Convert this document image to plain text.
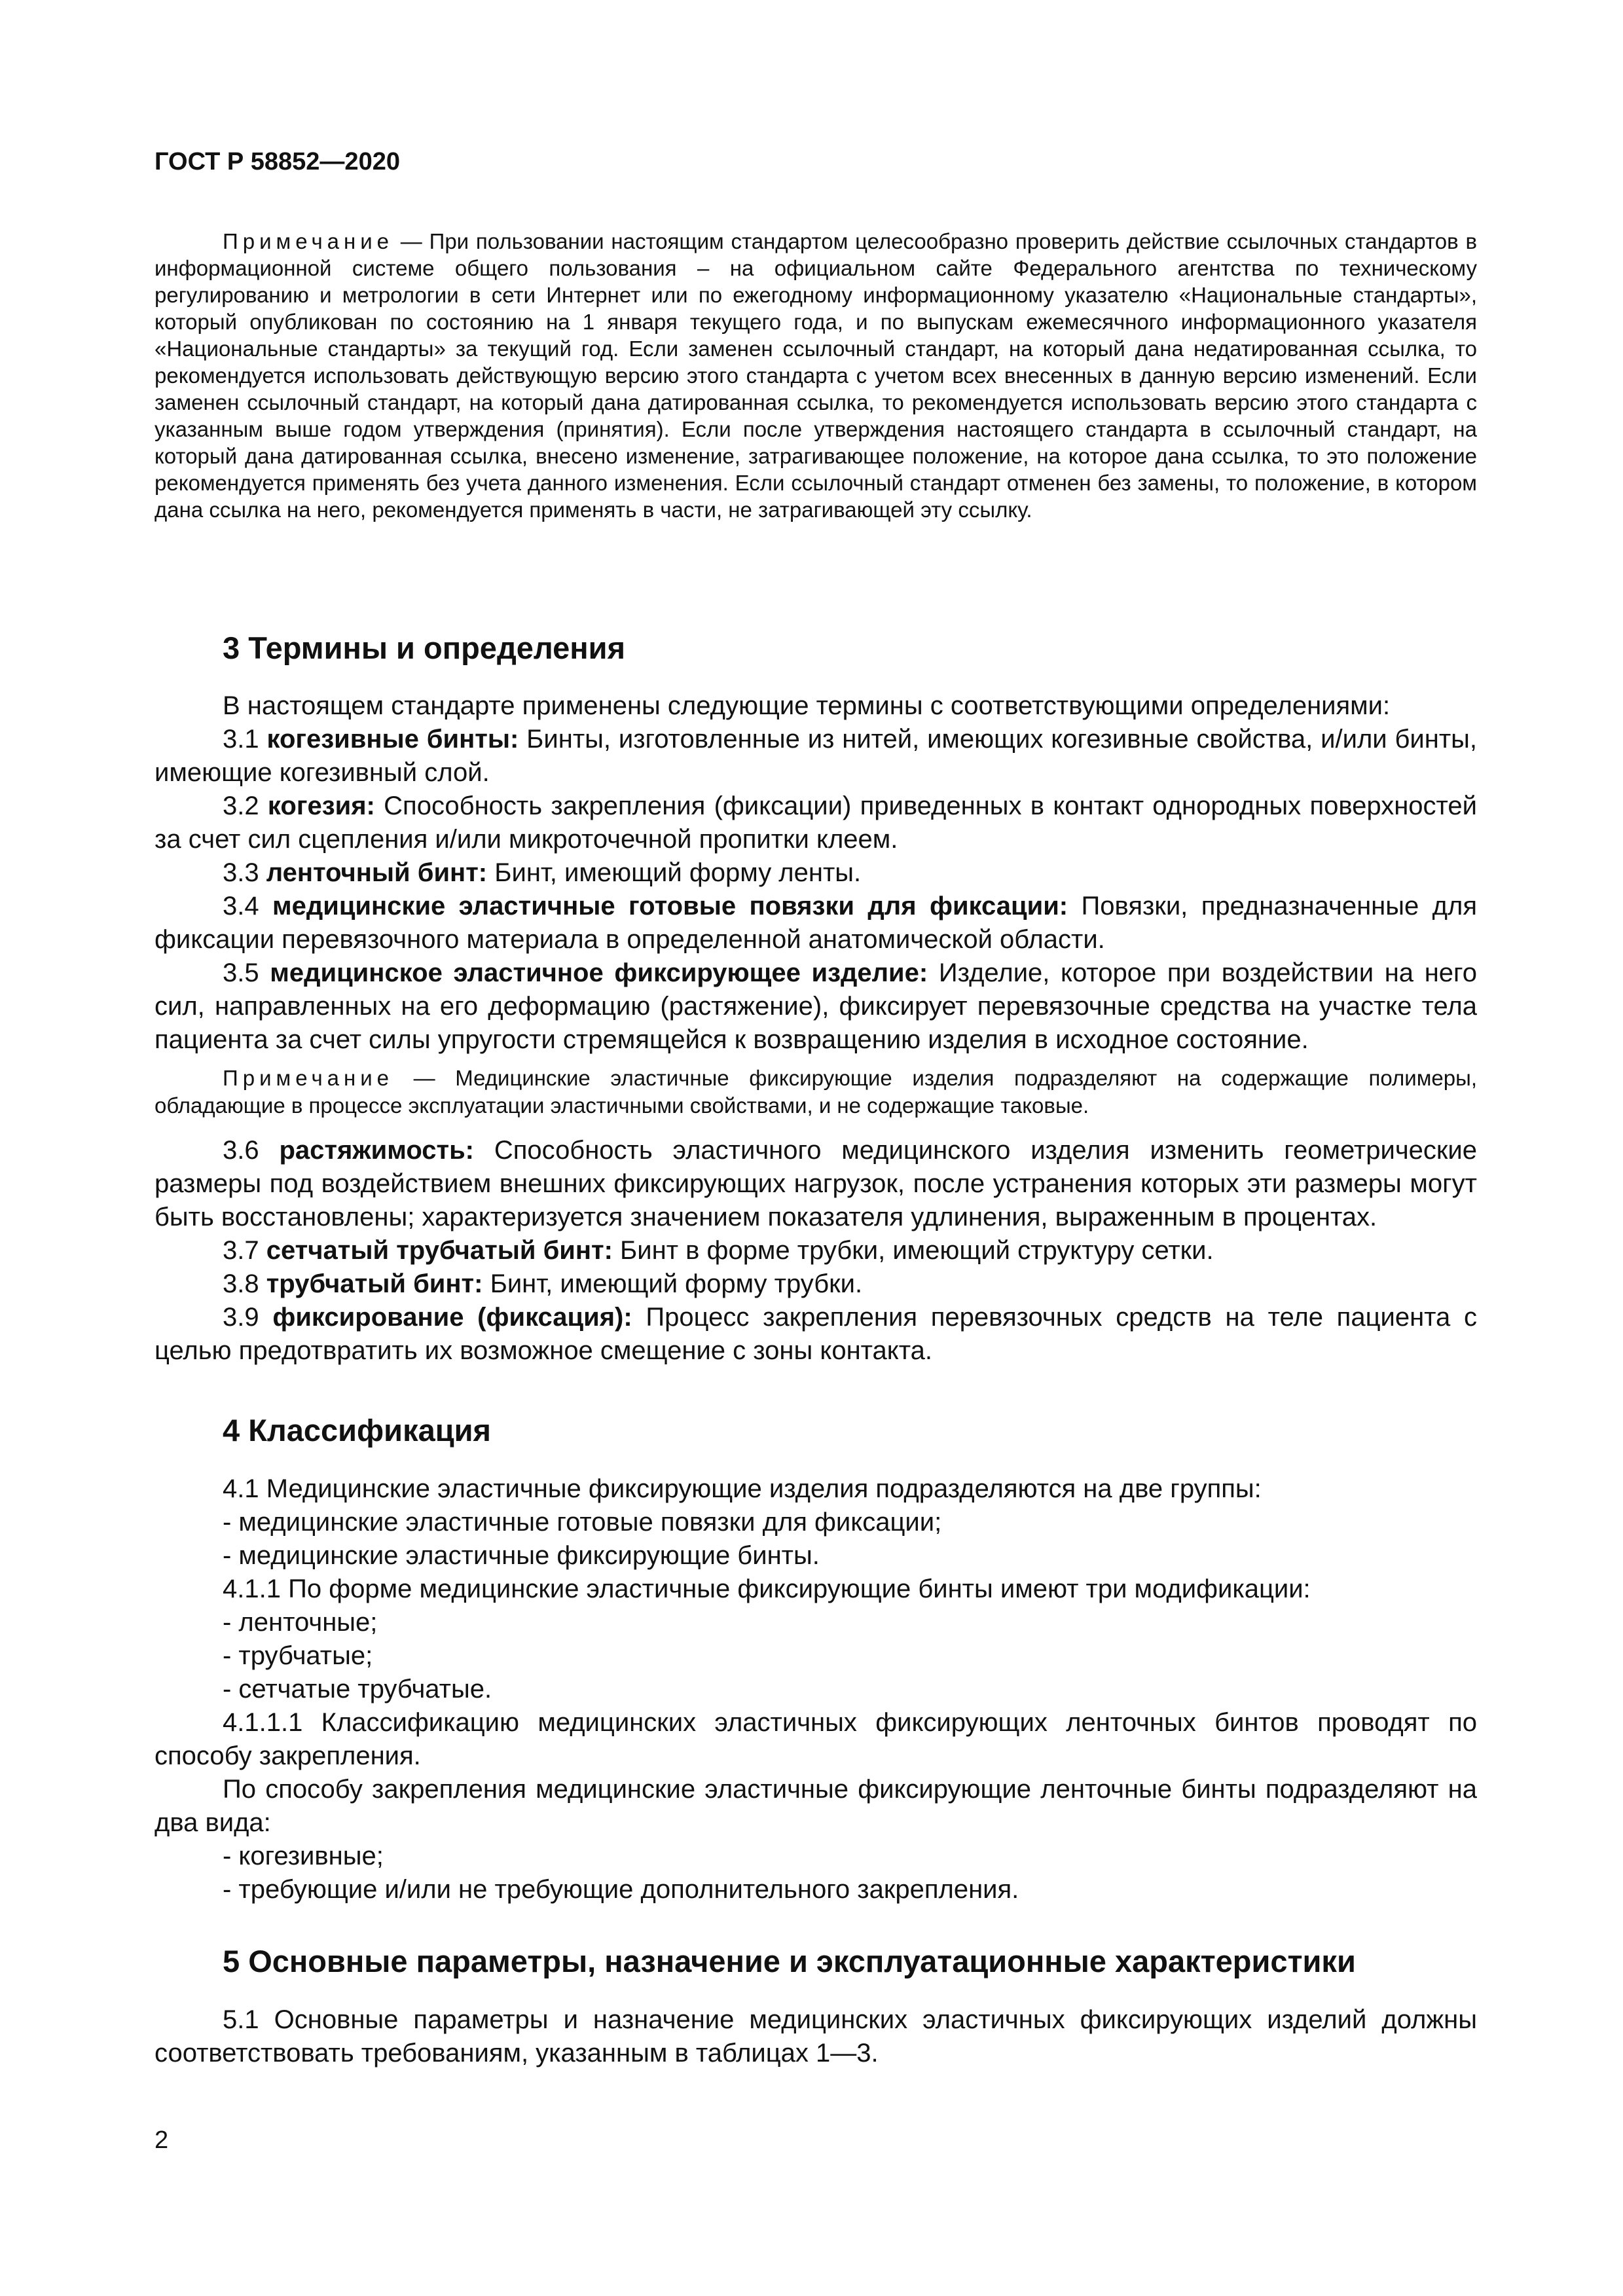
ГОСТ Р 58852—2020

Примечание — При пользовании настоящим стандартом целесообразно проверить действие ссылочных стандартов в информационной системе общего пользования – на официальном сайте Федерального агентства по техническому регулированию и метрологии в сети Интернет или по ежегодному информационному указателю «Национальные стандарты», который опубликован по состоянию на 1 января текущего года, и по выпускам ежемесячного информационного указателя «Национальные стандарты» за текущий год. Если заменен ссылочный стандарт, на который дана недатированная ссылка, то рекомендуется использовать действующую версию этого стандарта с учетом всех внесенных в данную версию изменений. Если заменен ссылочный стандарт, на который дана датированная ссылка, то рекомендуется использовать версию этого стандарта с указанным выше годом утверждения (принятия). Если после утверждения настоящего стандарта в ссылочный стандарт, на который дана датированная ссылка, внесено изменение, затрагивающее положение, на которое дана ссылка, то это положение рекомендуется применять без учета данного изменения. Если ссылочный стандарт отменен без замены, то положение, в котором дана ссылка на него, рекомендуется применять в части, не затрагивающей эту ссылку.

3 Термины и определения

В настоящем стандарте применены следующие термины с соответствующими определениями:

3.1 когезивные бинты: Бинты, изготовленные из нитей, имеющих когезивные свойства, и/или бинты, имеющие когезивный слой.

3.2 когезия: Способность закрепления (фиксации) приведенных в контакт однородных поверхностей за счет сил сцепления и/или микроточечной пропитки клеем.

3.3 ленточный бинт: Бинт, имеющий форму ленты.

3.4 медицинские эластичные готовые повязки для фиксации: Повязки, предназначенные для фиксации перевязочного материала в определенной анатомической области.

3.5 медицинское эластичное фиксирующее изделие: Изделие, которое при воздействии на него сил, направленных на его деформацию (растяжение), фиксирует перевязочные средства на участке тела пациента за счет силы упругости стремящейся к возвращению изделия в исходное состояние.

Примечание — Медицинские эластичные фиксирующие изделия подразделяют на содержащие полимеры, обладающие в процессе эксплуатации эластичными свойствами, и не содержащие таковые.

3.6 растяжимость: Способность эластичного медицинского изделия изменить геометрические размеры под воздействием внешних фиксирующих нагрузок, после устранения которых эти размеры могут быть восстановлены; характеризуется значением показателя удлинения, выраженным в процентах.

3.7 сетчатый трубчатый бинт: Бинт в форме трубки, имеющий структуру сетки.

3.8 трубчатый бинт: Бинт, имеющий форму трубки.

3.9 фиксирование (фиксация): Процесс закрепления перевязочных средств на теле пациента с целью предотвратить их возможное смещение с зоны контакта.

4 Классификация

4.1 Медицинские эластичные фиксирующие изделия подразделяются на две группы:

- медицинские эластичные готовые повязки для фиксации;

- медицинские эластичные фиксирующие бинты.

4.1.1 По форме медицинские эластичные фиксирующие бинты имеют три модификации:

- ленточные;

- трубчатые;

- сетчатые трубчатые.

4.1.1.1 Классификацию медицинских эластичных фиксирующих ленточных бинтов проводят по способу закрепления.

По способу закрепления медицинские эластичные фиксирующие ленточные бинты подразделяют на два вида:

- когезивные;

- требующие и/или не требующие дополнительного закрепления.

5 Основные параметры, назначение и эксплуатационные характеристики

5.1 Основные параметры и назначение медицинских эластичных фиксирующих изделий должны соответствовать требованиям, указанным в таблицах 1—3.

2
